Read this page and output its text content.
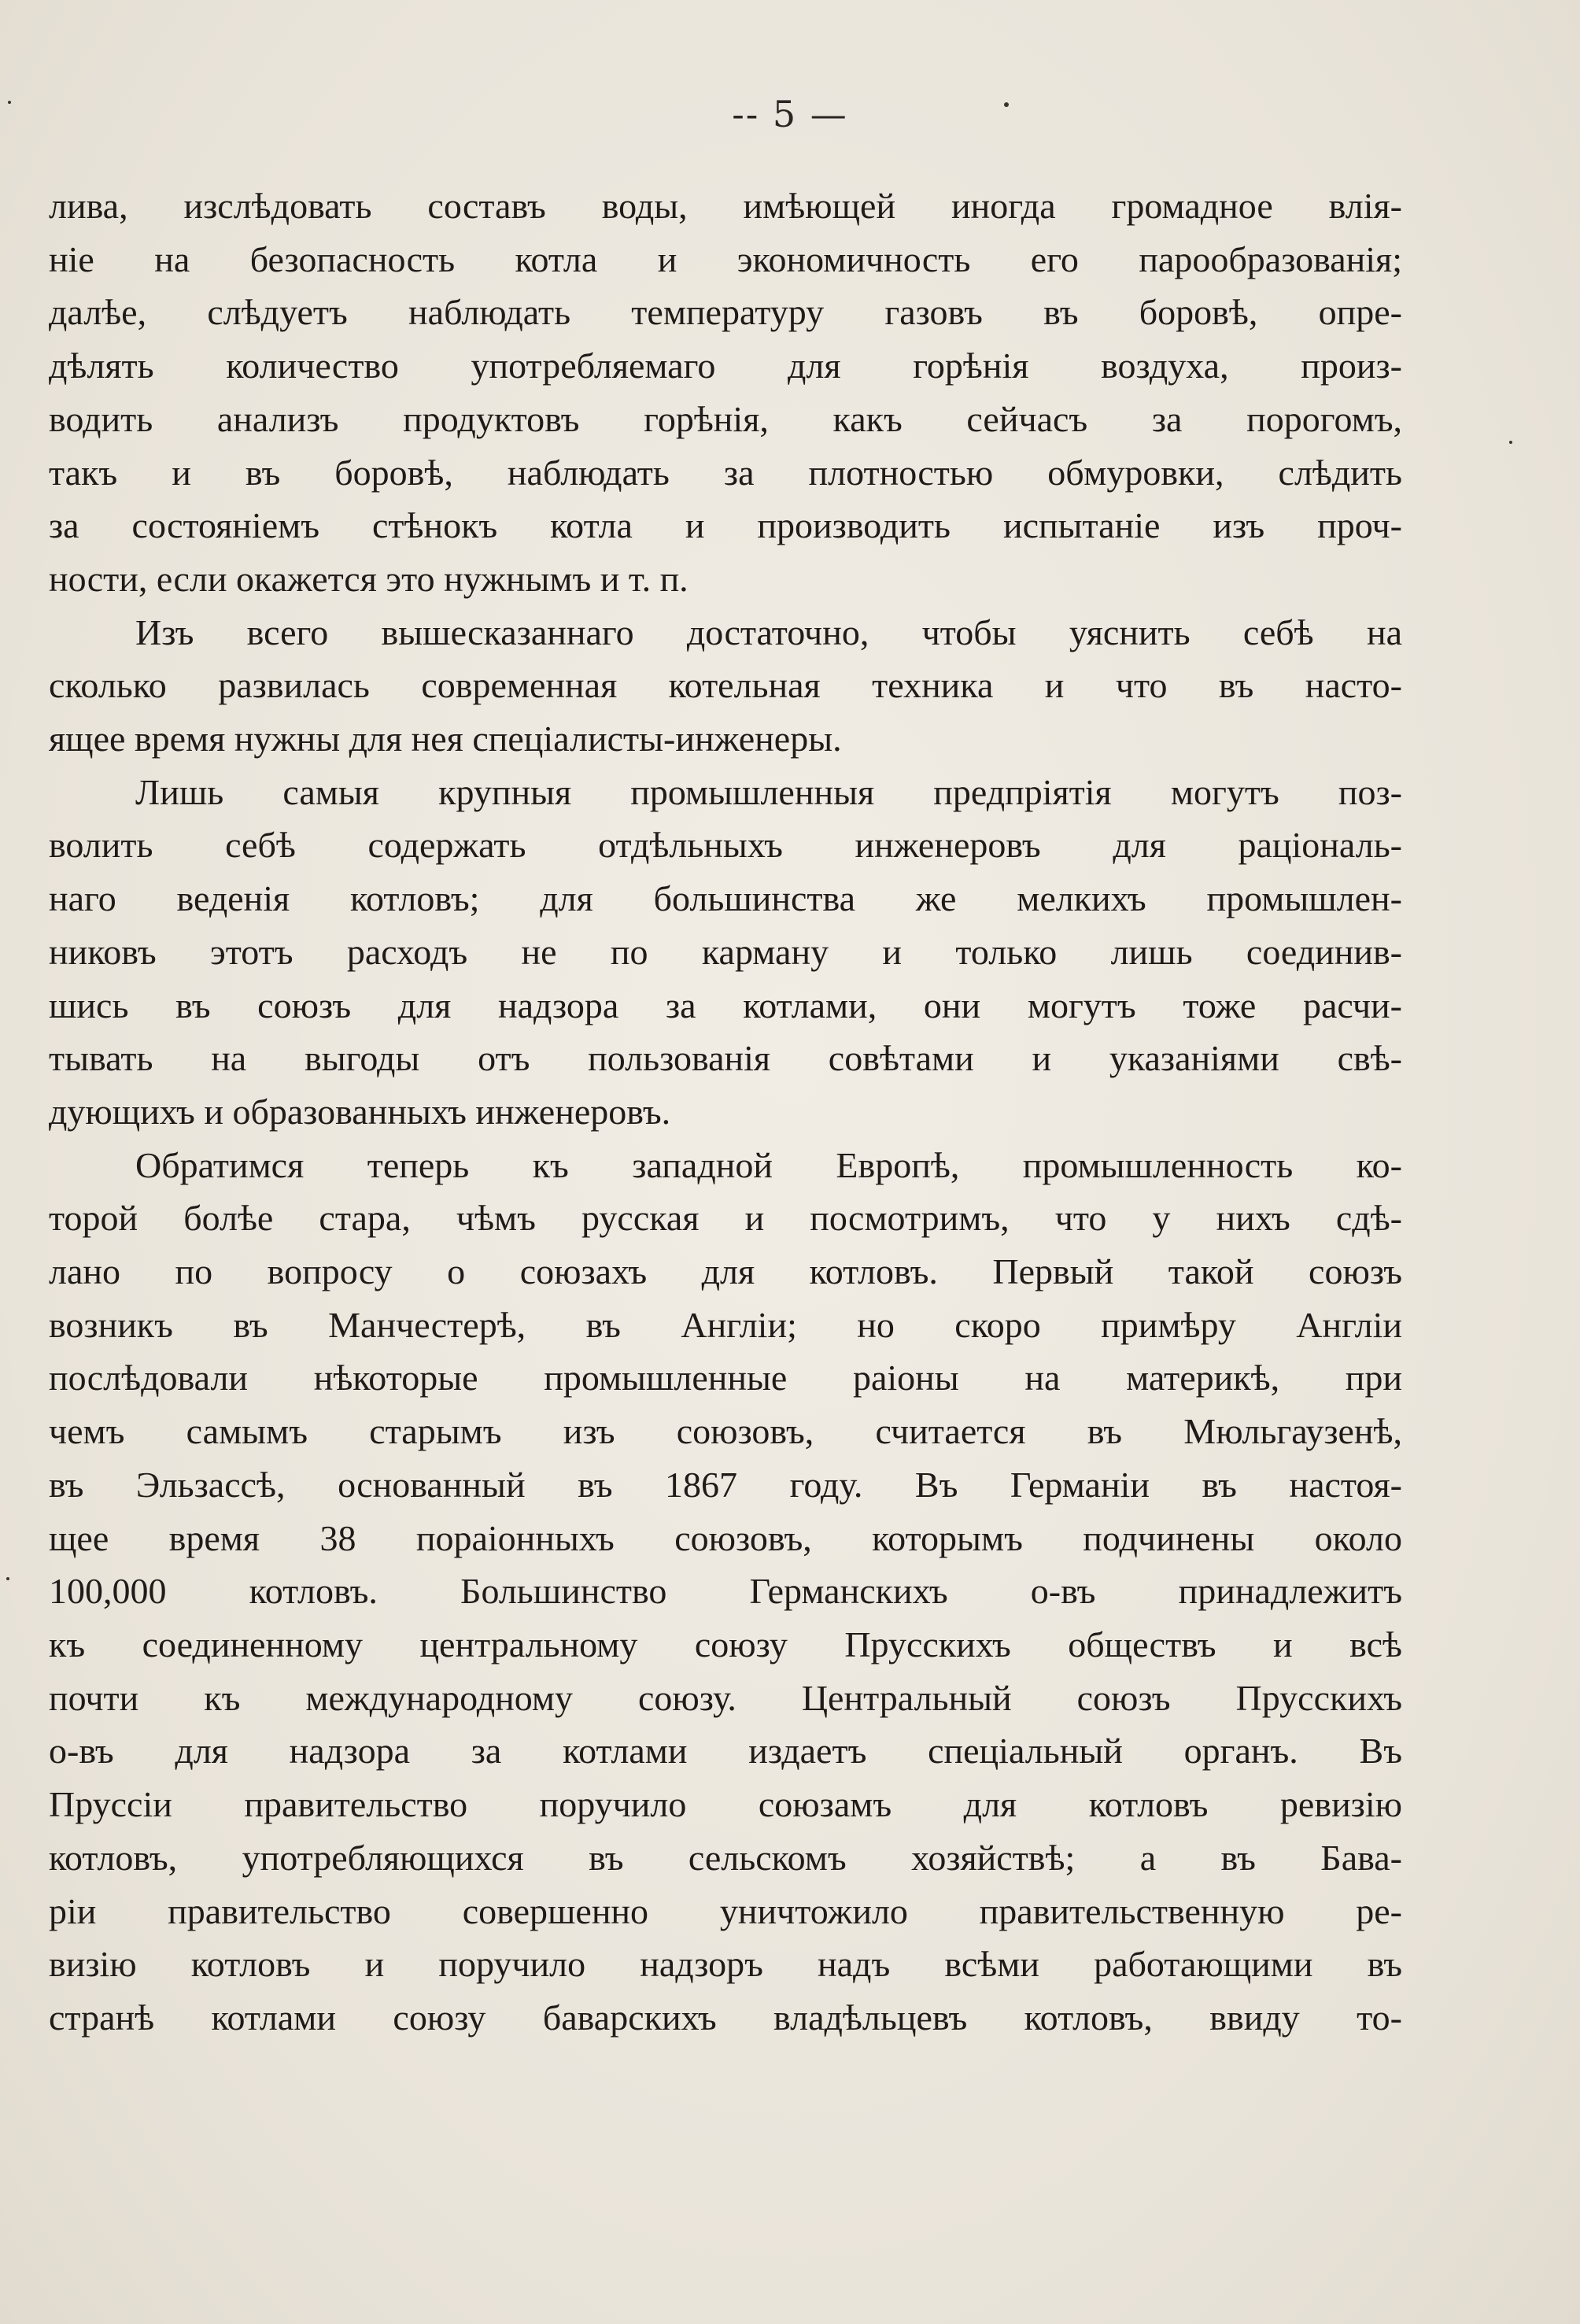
-- 5 —
лива, изслѣдовать составъ воды, имѣющей иногда громадное влія-
ніе на безопасность котла и экономичность его парообразованія;
далѣе, слѣдуетъ наблюдать температуру газовъ въ боровѣ, опре-
дѣлять количество употребляемаго для горѣнія воздуха, произ-
водить анализъ продуктовъ горѣнія, какъ сейчасъ за порогомъ,
такъ и въ боровѣ, наблюдать за плотностью обмуровки, слѣдить
за состояніемъ стѣнокъ котла и производить испытаніе изъ проч-
ности, если окажется это нужнымъ и т. п.
Изъ всего вышесказаннаго достаточно, чтобы уяснить себѣ на
сколько развилась современная котельная техника и что въ насто-
ящее время нужны для нея спеціалисты-инженеры.
Лишь самыя крупныя промышленныя предпріятія могутъ поз-
волить себѣ содержать отдѣльныхъ инженеровъ для раціональ-
наго веденія котловъ; для большинства же мелкихъ промышлен-
никовъ этотъ расходъ не по карману и только лишь соединив-
шись въ союзъ для надзора за котлами, они могутъ тоже расчи-
тывать на выгоды отъ пользованія совѣтами и указаніями свѣ-
дующихъ и образованныхъ инженеровъ.
Обратимся теперь къ западной Европѣ, промышленность ко-
торой болѣе стара, чѣмъ русская и посмотримъ, что у нихъ сдѣ-
лано по вопросу о союзахъ для котловъ. Первый такой союзъ
возникъ въ Манчестерѣ, въ Англіи; но скоро примѣру Англіи
послѣдовали нѣкоторые промышленные раіоны на материкѣ, при
чемъ самымъ старымъ изъ союзовъ, считается въ Мюльгаузенѣ,
въ Эльзассѣ, основанный въ 1867 году. Въ Германіи въ настоя-
щее время 38 пораіонныхъ союзовъ, которымъ подчинены около
100,000 котловъ. Большинство Германскихъ о-въ принадлежитъ
къ соединенному центральному союзу Прусскихъ обществъ и всѣ
почти къ международному союзу. Центральный союзъ Прусскихъ
о-въ для надзора за котлами издаетъ спеціальный органъ. Въ
Пруссіи правительство поручило союзамъ для котловъ ревизію
котловъ, употребляющихся въ сельскомъ хозяйствѣ; а въ Бава-
ріи правительство совершенно уничтожило правительственную ре-
визію котловъ и поручило надзоръ надъ всѣми работающими въ
странѣ котлами союзу баварскихъ владѣльцевъ котловъ, ввиду то-
